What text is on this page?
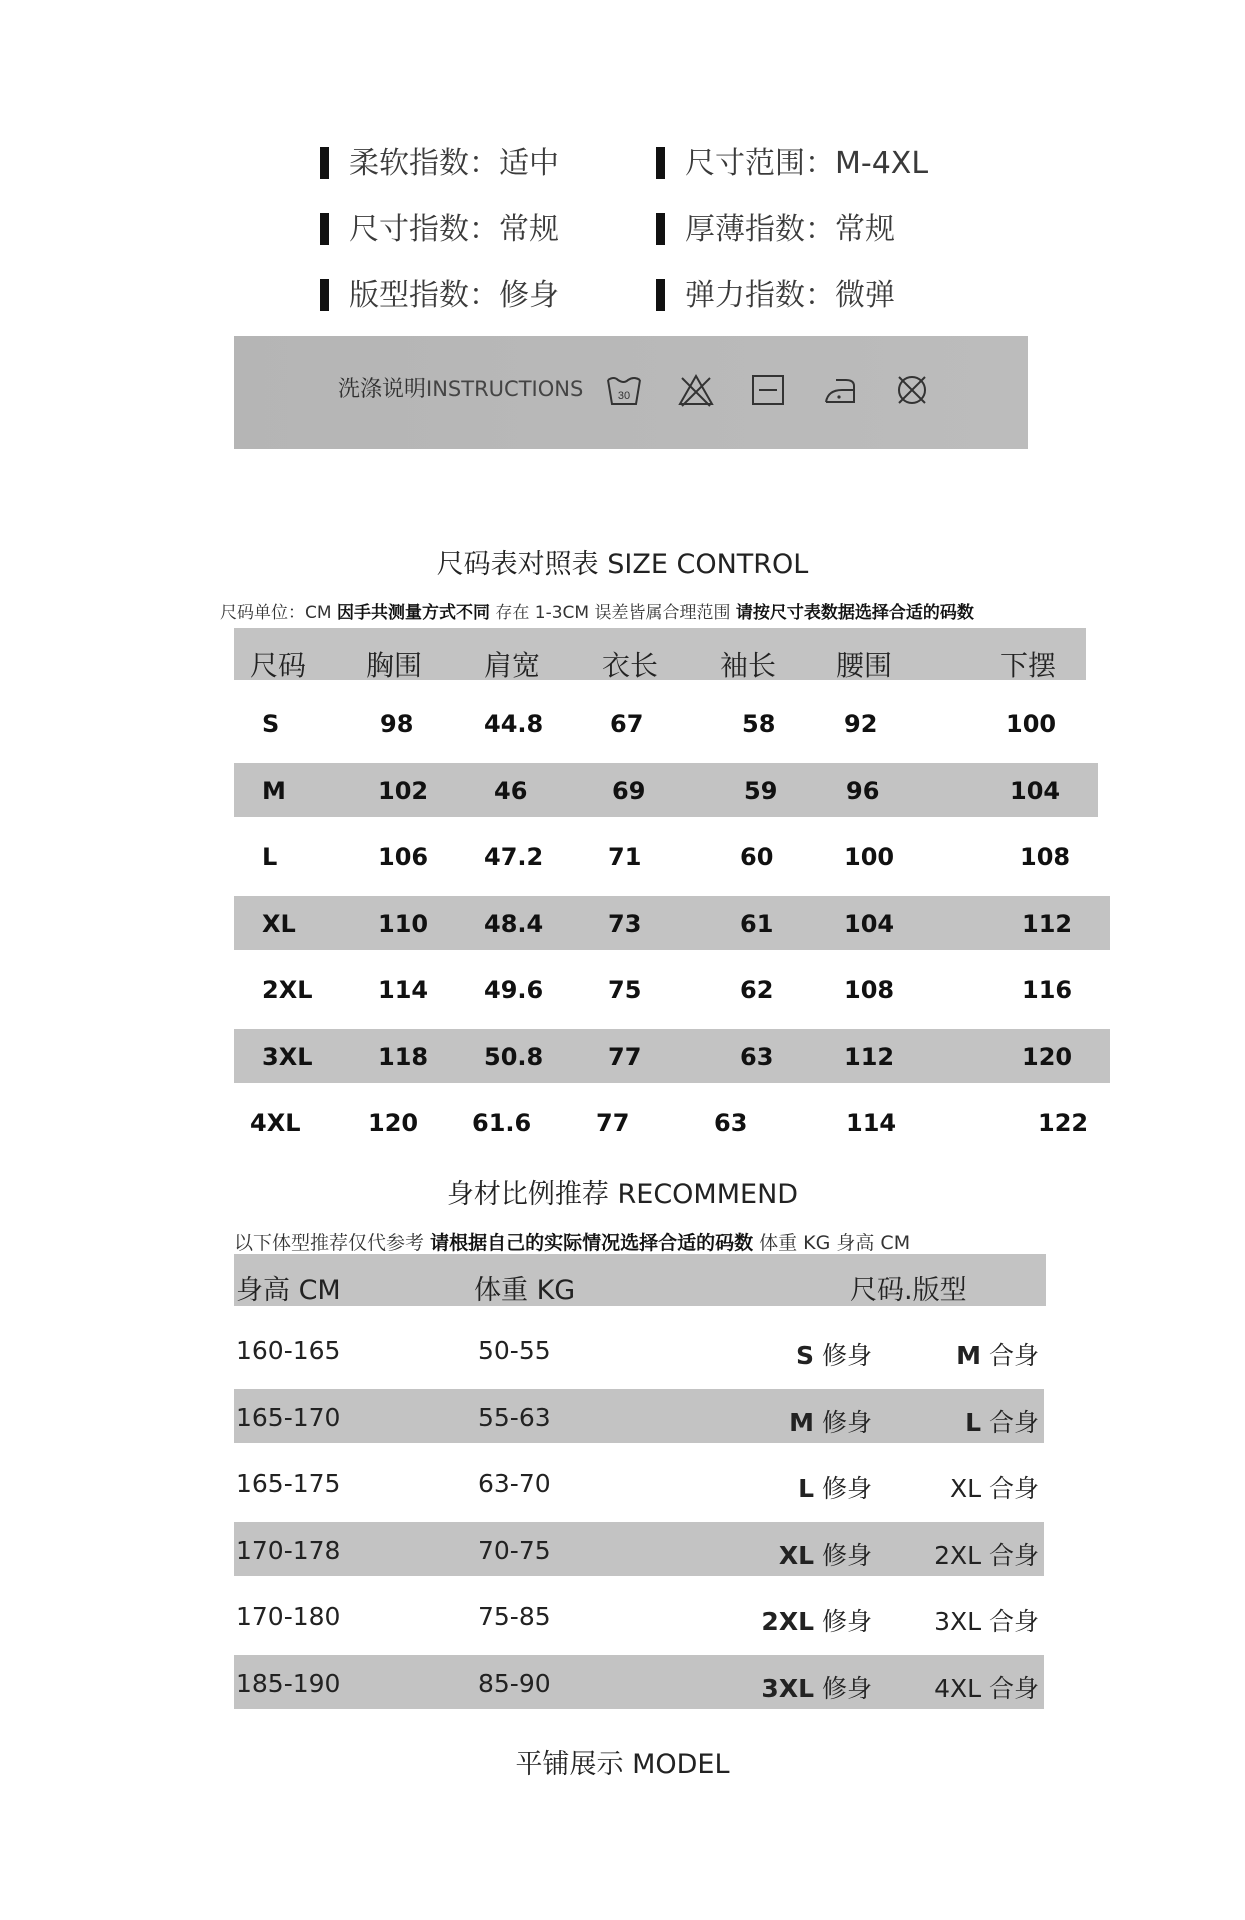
柔软指数：适中	尺寸范围：M-4XL
尺寸指数：常规	厚薄指数：常规
版型指数：修身	弹力指数：微弹
洗涤说明INSTRUCTIONS	30
尺码表对照表 SIZE CONTROL
尺码单位：CM 因手共测量方式不同 存在 1-3CM 误差皆属合理范围 请按尺寸表数据选择合适的码数
尺码 胸围 肩宽 衣长 袖长 腰围	下摆
S	98	44.8	67	58	92	100
M	102	46	69	59	96	104
L	106 47.2	71	60	100	108
XL	110 48.4	73	61	104	112
2XL	114 49.6	75	62	108	116
3XL	118 50.8	77	63	112	120
4XL	120 61.6	77	63	114	122
身材比例推荐 RECOMMEND
以下体型推荐仅代参考 请根据自己的实际情况选择合适的码数 体重 KG 身高 CM
身高 CM	体重 KG	尺码.版型
160-165	50-55	S 修身	M 合身
165-170	55-63	M 修身	L 合身
165-175	63-70	L 修身	XL 合身
170-178	70-75	XL 修身 2XL 合身
170-180	75-85	2XL 修身 3XL 合身
185-190	85-90	3XL 修身 4XL 合身
平铺展示 MODEL
